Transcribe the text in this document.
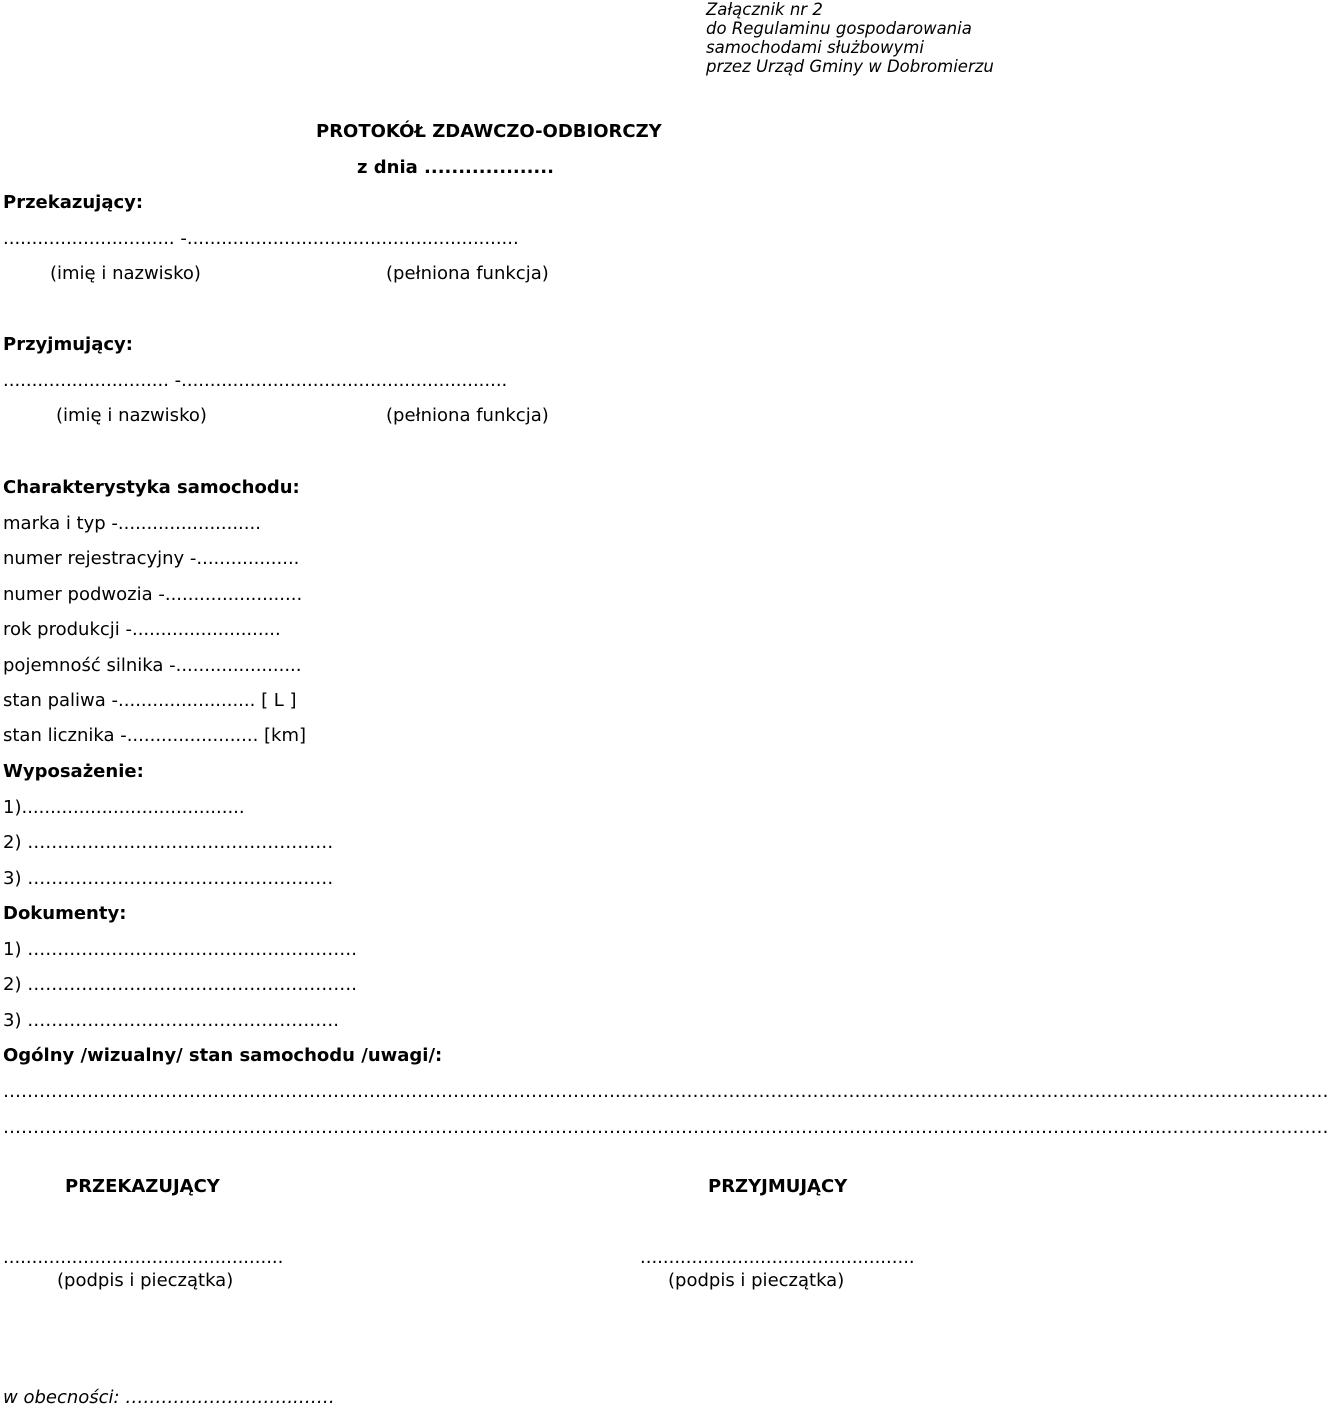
Załącznik nr 2
do Regulaminu gospodarowania
samochodami służbowymi
przez Urząd Gminy w Dobromierzu
PROTOKÓŁ ZDAWCZO-ODBIORCZY
z dnia ...................
Przekazujący:
.............................. -..........................................................
(imię i nazwisko)	(pełniona funkcja)
Przyjmujący:
............................. -.........................................................
(imię i nazwisko)	(pełniona funkcja)
Charakterystyka samochodu:
marka i typ -.........................
numer rejestracyjny -..................
numer podwozia -........................
rok produkcji -..........................
pojemność silnika -......................
stan paliwa -........................ [ L ]
stan licznika -....................... [km]
Wyposażenie:
1).......................................
2) ……………………………………………
3) ……………………………………………
Dokumenty:
1) ……………………………………………….
2) ……………………………………………….
3) …………………………………………….
Ogólny /wizualny/ stan samochodu /uwagi/:
…………………………………………………………………………………………..………………………………………………………………………………………………………
…………………………………………………………………………………………………………………………………………………………………………..………………………
PRZEKAZUJĄCY	PRZYJMUJĄCY
.................................................	................................................
(podpis i pieczątka)	(podpis i pieczątka)
w obecności: ………………………..……
